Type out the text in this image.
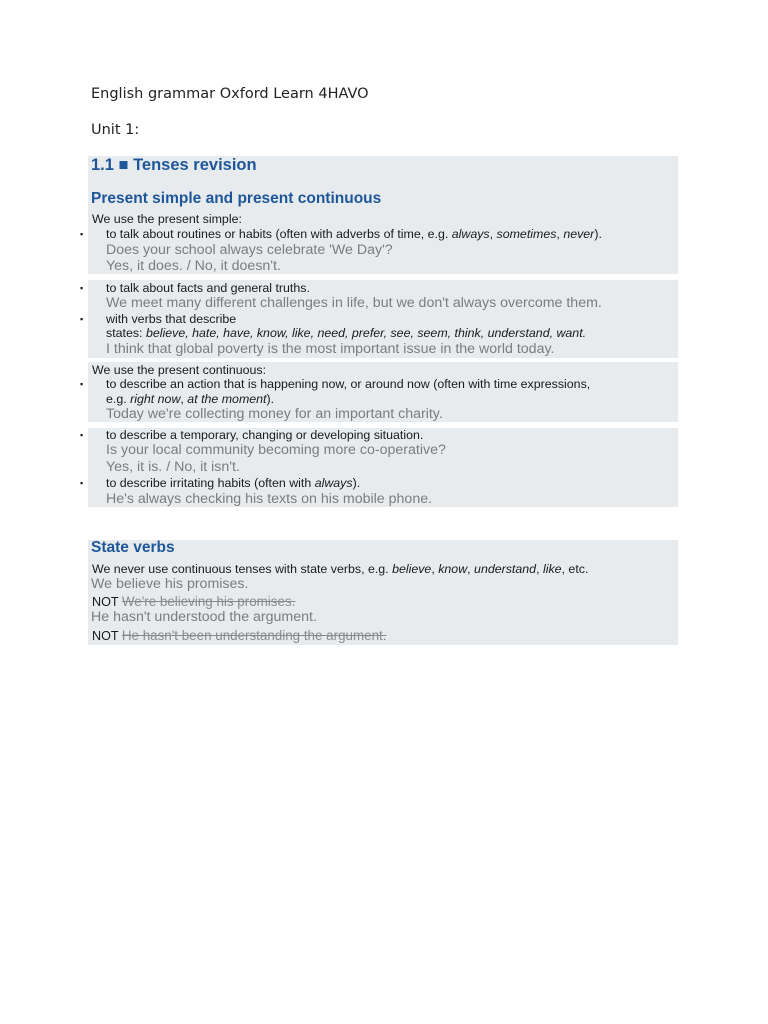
English grammar Oxford Learn 4HAVO
Unit 1:
1.1 ■ Tenses revision
Present simple and present continuous
We use the present simple:
▪ to talk about routines or habits (often with adverbs of time, e.g. always, sometimes, never).
Does your school always celebrate 'We Day'?
Yes, it does. / No, it doesn't.
▪ to talk about facts and general truths.
We meet many different challenges in life, but we don't always overcome them.
▪ with verbs that describe
states: believe, hate, have, know, like, need, prefer, see, seem, think, understand, want.
I think that global poverty is the most important issue in the world today.
We use the present continuous:
▪ to describe an action that is happening now, or around now (often with time expressions,
e.g. right now, at the moment).
Today we're collecting money for an important charity.
▪ to describe a temporary, changing or developing situation.
Is your local community becoming more co-operative?
Yes, it is. / No, it isn't.
▪ to describe irritating habits (often with always).
He's always checking his texts on his mobile phone.
State verbs
We never use continuous tenses with state verbs, e.g. believe, know, understand, like, etc.
We believe his promises.
NOT We're believing his promises.
He hasn't understood the argument.
NOT He hasn't been understanding the argument.
